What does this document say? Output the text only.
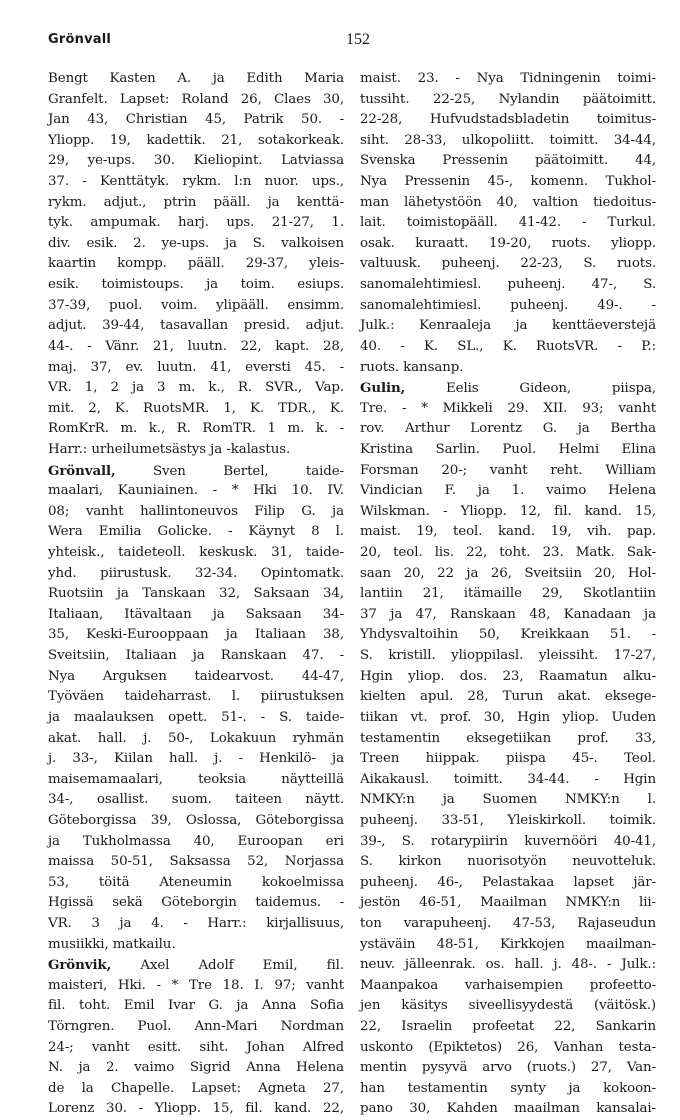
Grönvall	152
Bengt Kasten A. ja Edith Maria
Granfelt. Lapset: Roland 26, Claes 30,
Jan 43, Christian 45, Patrik 50. -
Yliopp. 19, kadettik. 21, sotakorkeak.
29, ye-ups. 30. Kieliopint. Latviassa
37. - Kenttätyk. rykm. l:n nuor. ups.,
rykm. adjut., ptrin pääll. ja kenttä-
tyk. ampumak. harj. ups. 21-27, 1.
div. esik. 2. ye-ups. ja S. valkoisen
kaartin kompp. pääll. 29-37, yleis-
esik. toimistoups. ja toim. esiups.
37-39, puol. voim. ylipääll. ensimm.
adjut. 39-44, tasavallan presid. adjut.
44-. - Vänr. 21, luutn. 22, kapt. 28,
maj. 37, ev. luutn. 41, eversti 45. -
VR. 1, 2 ja 3 m. k., R. SVR., Vap.
mit. 2, K. RuotsMR. 1, K. TDR., K.
RomKrR. m. k., R. RomTR. 1 m. k. -
Harr.: urheilumetsästys ja -kalastus.
Grönvall, Sven Bertel, taide-
maalari, Kauniainen. - * Hki 10. IV.
08; vanht hallintoneuvos Filip G. ja
Wera Emilia Golicke. - Käynyt 8 l.
yhteisk., taideteoll. keskusk. 31, taide-
yhd. piirustusk. 32-34. Opintomatk.
Ruotsiin ja Tanskaan 32, Saksaan 34,
Italiaan, Itävaltaan ja Saksaan 34-
35, Keski-Eurooppaan ja Italiaan 38,
Sveitsiin, Italiaan ja Ranskaan 47. -
Nya Arguksen taidearvost. 44-47,
Työväen taideharrast. l. piirustuksen
ja maalauksen opett. 51-. - S. taide-
akat. hall. j. 50-, Lokakuun ryhmän
j. 33-, Kiilan hall. j. - Henkilö- ja
maisemamaalari, teoksia näytteillä
34-, osallist. suom. taiteen näytt.
Göteborgissa 39, Oslossa, Göteborgissa
ja Tukholmassa 40, Euroopan eri
maissa 50-51, Saksassa 52, Norjassa
53, töitä Ateneumin kokoelmissa
Hgissä sekä Göteborgin taidemus. -
VR. 3 ja 4. - Harr.: kirjallisuus,
musiikki, matkailu.
Grönvik, Axel Adolf Emil, fil.
maisteri, Hki. - * Tre 18. I. 97; vanht
fil. toht. Emil Ivar G. ja Anna Sofia
Törngren. Puol. Ann-Mari Nordman
24-; vanht esitt. siht. Johan Alfred
N. ja 2. vaimo Sigrid Anna Helena
de la Chapelle. Lapset: Agneta 27,
Lorenz 30. - Yliopp. 15, fil. kand. 22,
maist. 23. - Nya Tidningenin toimi-
tussiht. 22-25, Nylandin päätoimitt.
22-28, Hufvudstadsbladetin toimitus-
siht. 28-33, ulkopoliitt. toimitt. 34-44,
Svenska Pressenin päätoimitt. 44,
Nya Pressenin 45-, komenn. Tukhol-
man lähetystöön 40, valtion tiedoitus-
lait. toimistopääll. 41-42. - Turkul.
osak. kuraatt. 19-20, ruots. yliopp.
valtuusk. puheenj. 22-23, S. ruots.
sanomalehtimiesl. puheenj. 47-, S.
sanomalehtimiesl. puheenj. 49-. -
Julk.: Kenraaleja ja kenttäeverstejä
40. - K. SL., K. RuotsVR. - P.:
ruots. kansanp.
Gulin, Eelis Gideon, piispa,
Tre. - * Mikkeli 29. XII. 93; vanht
rov. Arthur Lorentz G. ja Bertha
Kristina Sarlin. Puol. Helmi Elina
Forsman 20-; vanht reht. William
Vindician F. ja 1. vaimo Helena
Wilskman. - Yliopp. 12, fil. kand. 15,
maist. 19, teol. kand. 19, vih. pap.
20, teol. lis. 22, toht. 23. Matk. Sak-
saan 20, 22 ja 26, Sveitsiin 20, Hol-
lantiin 21, itämaille 29, Skotlantiin
37 ja 47, Ranskaan 48, Kanadaan ja
Yhdysvaltoihin 50, Kreikkaan 51. -
S. kristill. ylioppilasl. yleissiht. 17-27,
Hgin yliop. dos. 23, Raamatun alku-
kielten apul. 28, Turun akat. eksege-
tiikan vt. prof. 30, Hgin yliop. Uuden
testamentin eksegetiikan prof. 33,
Treen hiippak. piispa 45-. Teol.
Aikakausl. toimitt. 34-44. - Hgin
NMKY:n ja Suomen NMKY:n l.
puheenj. 33-51, Yleiskirkoll. toimik.
39-, S. rotarypiirin kuvernööri 40-41,
S. kirkon nuorisotyön neuvotteluk.
puheenj. 46-, Pelastakaa lapset jär-
jestön 46-51, Maailman NMKY:n lii-
ton varapuheenj. 47-53, Rajaseudun
ystäväin 48-51, Kirkkojen maailman-
neuv. jälleenrak. os. hall. j. 48-. - Julk.:
Maanpakoa varhaisempien profeetto-
jen käsitys siveellisyydestä (väitösk.)
22, Israelin profeetat 22, Sankarin
uskonto (Epiktetos) 26, Vanhan testa-
mentin pysyvä arvo (ruots.) 27, Van-
han testamentin synty ja kokoon-
pano 30, Kahden maailman kansalai-
